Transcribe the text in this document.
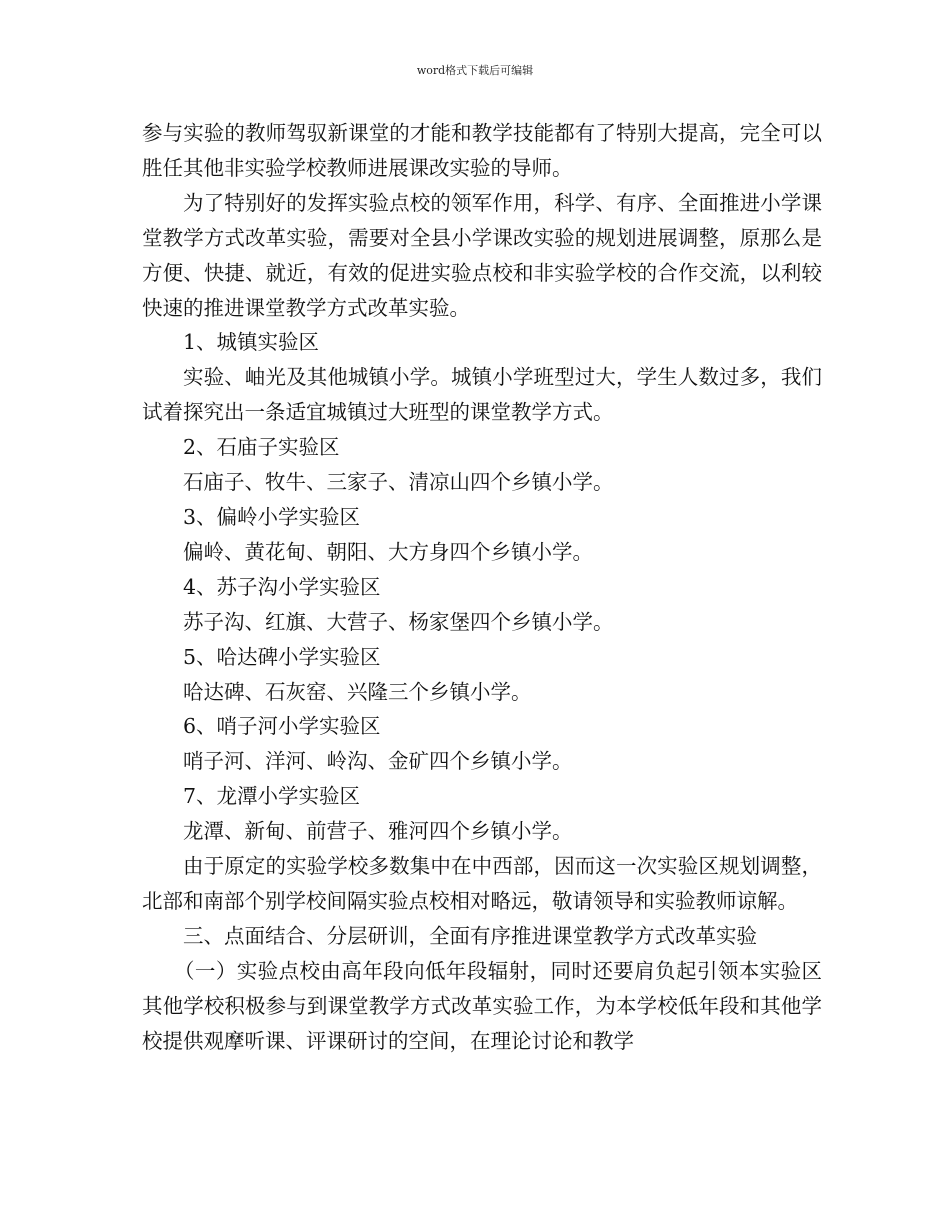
word格式下载后可编辑

参与实验的教师驾驭新课堂的才能和教学技能都有了特别大提高，完全可以胜任其他非实验学校教师进展课改实验的导师。

为了特别好的发挥实验点校的领军作用，科学、有序、全面推进小学课堂教学方式改革实验，需要对全县小学课改实验的规划进展调整，原那么是方便、快捷、就近，有效的促进实验点校和非实验学校的合作交流，以利较快速的推进课堂教学方式改革实验。

1、城镇实验区

实验、岫光及其他城镇小学。城镇小学班型过大，学生人数过多，我们试着探究出一条适宜城镇过大班型的课堂教学方式。

2、石庙子实验区

石庙子、牧牛、三家子、清凉山四个乡镇小学。

3、偏岭小学实验区

偏岭、黄花甸、朝阳、大方身四个乡镇小学。

4、苏子沟小学实验区

苏子沟、红旗、大营子、杨家堡四个乡镇小学。

5、哈达碑小学实验区

哈达碑、石灰窑、兴隆三个乡镇小学。

6、哨子河小学实验区

哨子河、洋河、岭沟、金矿四个乡镇小学。

7、龙潭小学实验区

龙潭、新甸、前营子、雅河四个乡镇小学。

由于原定的实验学校多数集中在中西部，因而这一次实验区规划调整，北部和南部个别学校间隔实验点校相对略远，敬请领导和实验教师谅解。

三、点面结合、分层研训，全面有序推进课堂教学方式改革实验

（一）实验点校由高年段向低年段辐射，同时还要肩负起引领本实验区其他学校积极参与到课堂教学方式改革实验工作，为本学校低年段和其他学校提供观摩听课、评课研讨的空间，在理论讨论和教学
